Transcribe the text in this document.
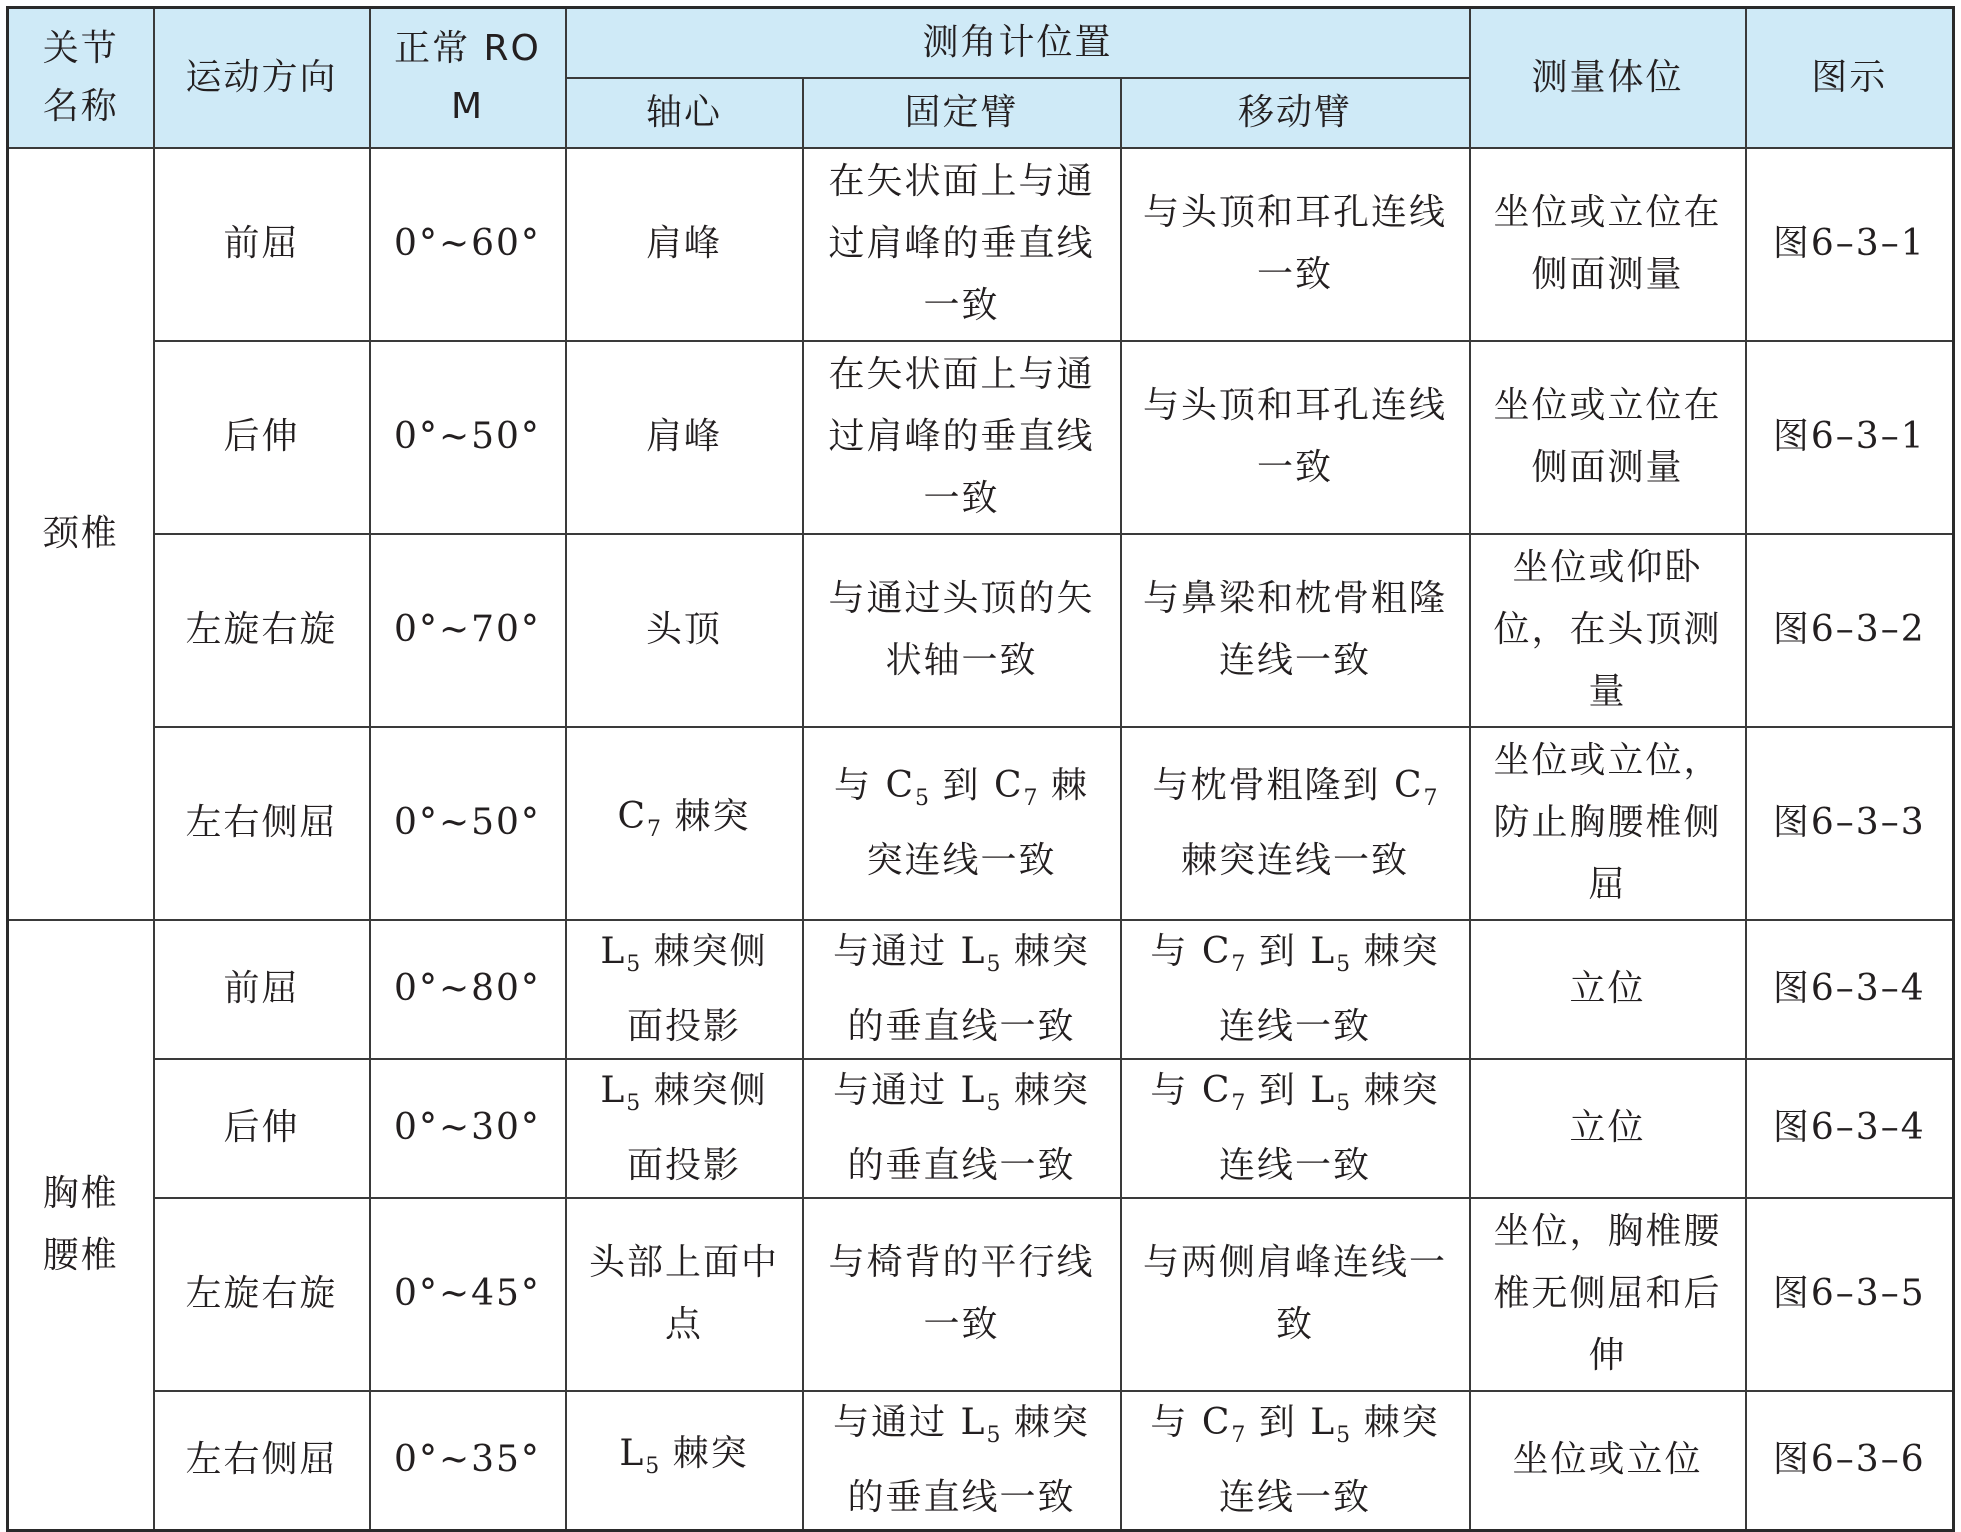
关节名称	运动方向	正常 ROM	测角计位置			测量体位	图示
			轴心	固定臂	移动臂		
颈椎	前屈	0°~60°	肩峰	在矢状面上与通过肩峰的垂直线一致	与头顶和耳孔连线一致	坐位或立位在侧面测量	图6–3–1
	后伸	0°~50°	肩峰	在矢状面上与通过肩峰的垂直线一致	与头顶和耳孔连线一致	坐位或立位在侧面测量	图6–3–1
	左旋右旋	0°~70°	头顶	与通过头顶的矢状轴一致	与鼻梁和枕骨粗隆连线一致	坐位或仰卧位，在头顶测量	图6–3–2
	左右侧屈	0°~50°	$C_7$ 棘突	与 $C_5$ 到 $C_7$ 棘突连线一致	与枕骨粗隆到 $C_7$ 棘突连线一致	坐位或立位，防止胸腰椎侧屈	图6–3–3
胸椎腰椎	前屈	0°~80°	$L_5$ 棘突侧面投影	与通过 $L_5$ 棘突的垂直线一致	与 $C_7$ 到 $L_5$ 棘突连线一致	立位	图6–3–4
	后伸	0°~30°	$L_5$ 棘突侧面投影	与通过 $L_5$ 棘突的垂直线一致	与 $C_7$ 到 $L_5$ 棘突连线一致	立位	图6–3–4
	左旋右旋	0°~45°	头部上面中点	与椅背的平行线一致	与两侧肩峰连线一致	坐位，胸椎腰椎无侧屈和后伸	图6–3–5
	左右侧屈	0°~35°	$L_5$ 棘突	与通过 $L_5$ 棘突的垂直线一致	与 $C_7$ 到 $L_5$ 棘突连线一致	坐位或立位	图6–3–6
